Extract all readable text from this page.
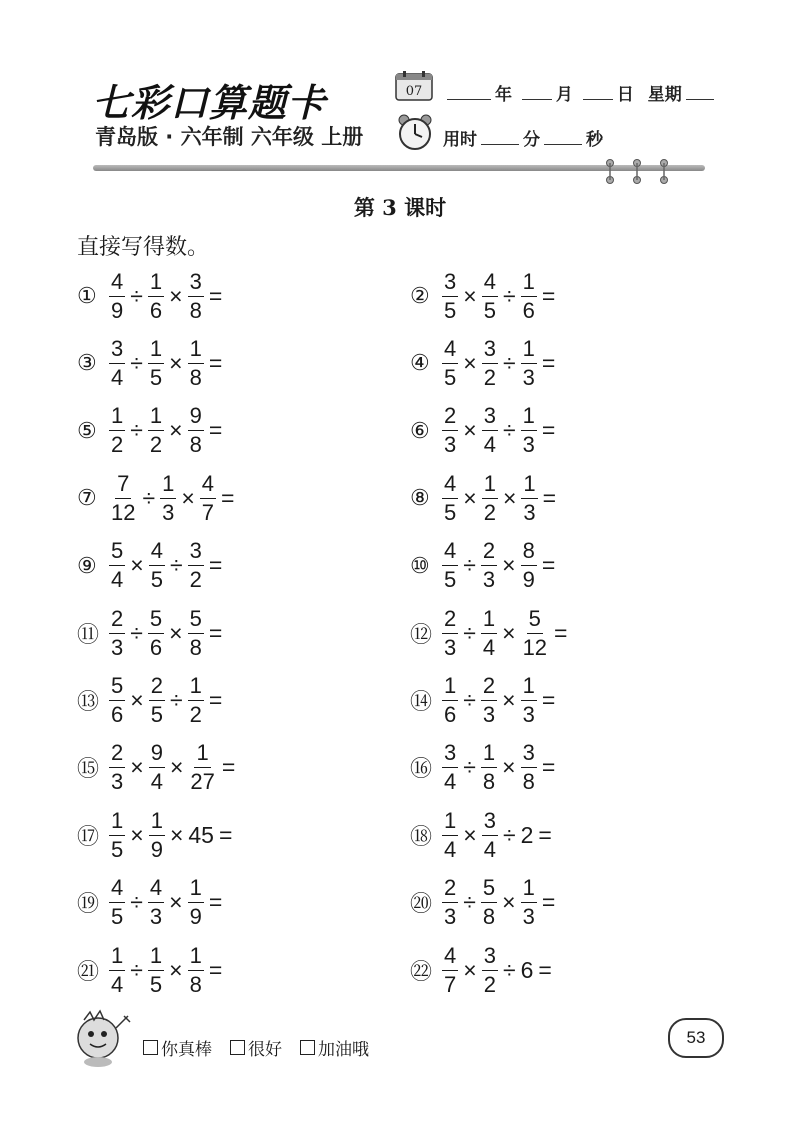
七彩口算题卡
青岛版 · 六年制 六年级 上册
07	年	月	日 星期
用时	分	秒
第 3 课时
直接写得数。
① $\frac{4}{9} \div \frac{1}{6} \times \frac{3}{8}$ =	② $\frac{3}{5} \times \frac{4}{5} \div \frac{1}{6}$ =
③ $\frac{3}{4} \div \frac{1}{5} \times \frac{1}{8}$ =	④ $\frac{4}{5} \times \frac{3}{2} \div \frac{1}{3}$ =
⑤ $\frac{1}{2} \div \frac{1}{2} \times \frac{9}{8}$ =	⑥ $\frac{2}{3} \times \frac{3}{4} \div \frac{1}{3}$ =
⑦ $\frac{7}{12} \div \frac{1}{3} \times \frac{4}{7}$ =	⑧ $\frac{4}{5} \times \frac{1}{2} \times \frac{1}{3}$ =
⑨ $\frac{5}{4} \times \frac{4}{5} \div \frac{3}{2}$ =	⑩ $\frac{4}{5} \div \frac{2}{3} \times \frac{8}{9}$ =
⑪ $\frac{2}{3} \div \frac{5}{6} \times \frac{5}{8}$ =	⑫ $\frac{2}{3} \div \frac{1}{4} \times \frac{5}{12}$ =
⑬ $\frac{5}{6} \times \frac{2}{5} \div \frac{1}{2}$ =	⑭ $\frac{1}{6} \div \frac{2}{3} \times \frac{1}{3}$ =
⑮ $\frac{2}{3} \times \frac{9}{4} \times \frac{1}{27}$ =	⑯ $\frac{3}{4} \div \frac{1}{8} \times \frac{3}{8}$ =
⑰ $\frac{1}{5} \times \frac{1}{9} \times 45$ =	⑱ $\frac{1}{4} \times \frac{3}{4} \div 2$ =
⑲ $\frac{4}{5} \div \frac{4}{3} \times \frac{1}{9}$ =	⑳ $\frac{2}{3} \div \frac{5}{8} \times \frac{1}{3}$ =
㉑ $\frac{1}{4} \div \frac{1}{5} \times \frac{1}{8}$ =	㉒ $\frac{4}{7} \times \frac{3}{2} \div 6$ =
你真棒 很好 加油哦
53
